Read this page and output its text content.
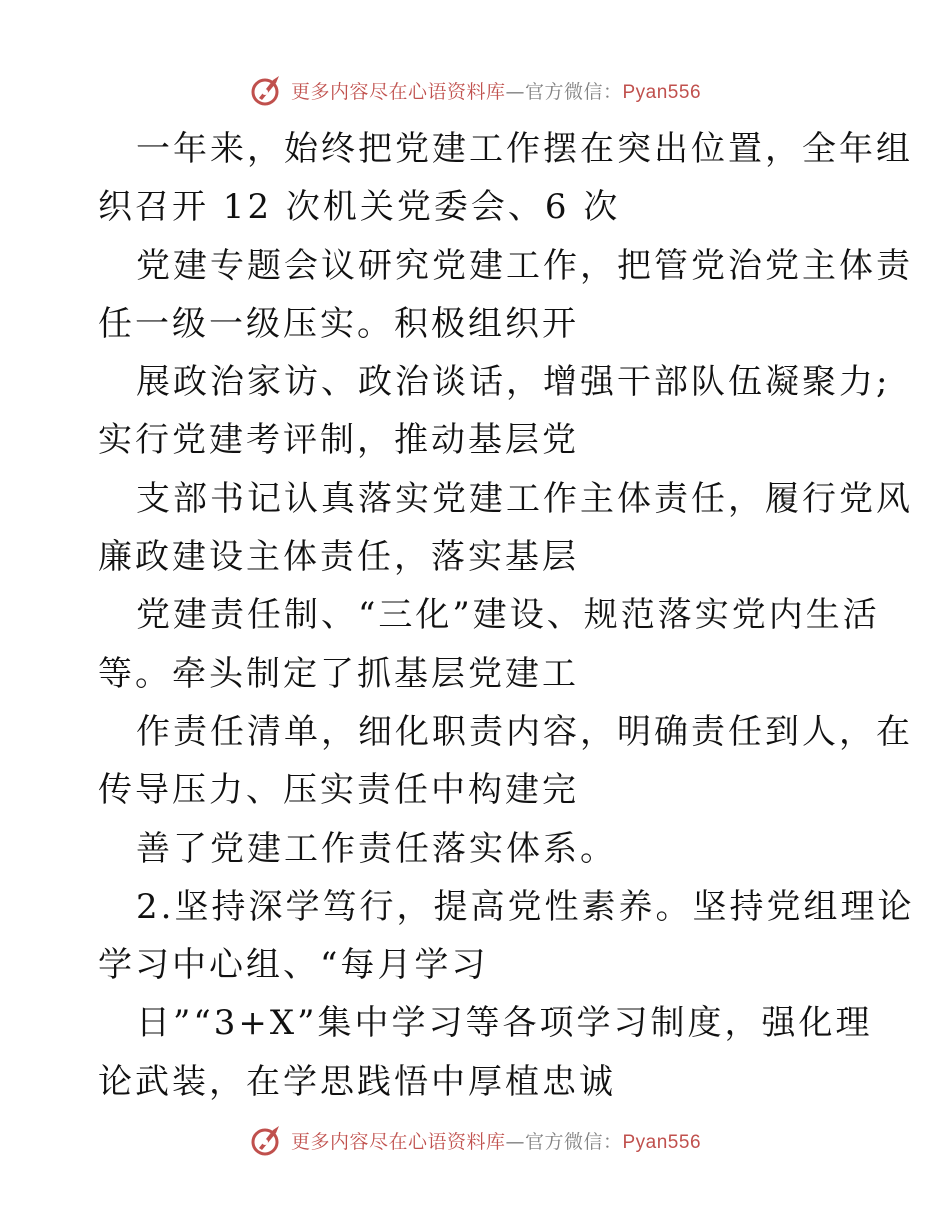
更多内容尽在心语资料库—官方微信：Pyan556
一年来，始终把党建工作摆在突出位置，全年组
织召开 12 次机关党委会、6 次
党建专题会议研究党建工作，把管党治党主体责
任一级一级压实。积极组织开
展政治家访、政治谈话，增强干部队伍凝聚力;
实行党建考评制，推动基层党
支部书记认真落实党建工作主体责任，履行党风
廉政建设主体责任，落实基层
党建责任制、“三化”建设、规范落实党内生活
等。牵头制定了抓基层党建工
作责任清单，细化职责内容，明确责任到人，在
传导压力、压实责任中构建完
善了党建工作责任落实体系。
2.坚持深学笃行，提高党性素养。坚持党组理论
学习中心组、“每月学习
日”“3+X”集中学习等各项学习制度，强化理
论武装，在学思践悟中厚植忠诚
更多内容尽在心语资料库—官方微信：Pyan556
